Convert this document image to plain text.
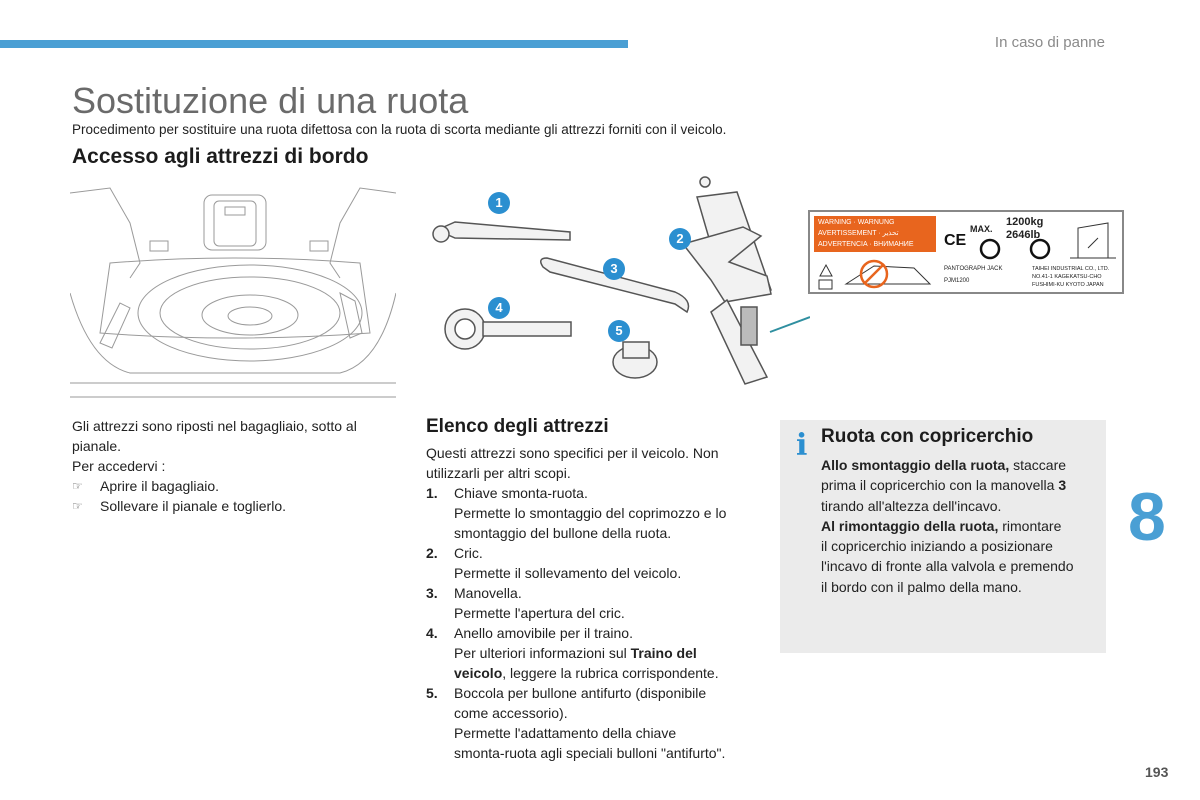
In caso di panne
Sostituzione di una ruota
Procedimento per sostituire una ruota difettosa con la ruota di scorta mediante gli attrezzi forniti con il veicolo.
Accesso agli attrezzi di bordo
1
2
3
4
5
WARNING · WARNUNG
AVERTISSEMENT · تحذير
ADVERTENCIA · ВНИМАНИЕ	CE
MAX.
1200kg
2646lb
PANTOGRAPH JACK
PJM1200
TAIHEI INDUSTRIAL CO., LTD.
NO.41-1 KAGEKATSU-CHO
FUSHIMI-KU KYOTO JAPAN
Gli attrezzi sono riposti nel bagagliaio, sotto al
pianale.
Per accedervi :
☞	Aprire il bagagliaio.
☞	Sollevare il pianale e toglierlo.
Elenco degli attrezzi

Questi attrezzi sono specifici per il veicolo. Non

utilizzarli per altri scopi.

1.	Chiave smonta-ruota.

Permette lo smontaggio del coprimozzo e lo

smontaggio del bullone della ruota.

2.	Cric.

Permette il sollevamento del veicolo.

3.	Manovella.

Permette l'apertura del cric.

4.	Anello amovibile per il traino.

Per ulteriori informazioni sul Traino del

veicolo, leggere la rubrica corrispondente.

5.	Boccola per bullone antifurto (disponibile

come accessorio).

Permette l'adattamento della chiave

smonta-ruota agli speciali bulloni "antifurto".

i Ruota con copricerchio
Allo smontaggio della ruota, staccare
prima il copricerchio con la manovella 3
tirando all'altezza dell'incavo.
Al rimontaggio della ruota, rimontare
il copricerchio iniziando a posizionare
l'incavo di fronte alla valvola e premendo
il bordo con il palmo della mano.
8
193
